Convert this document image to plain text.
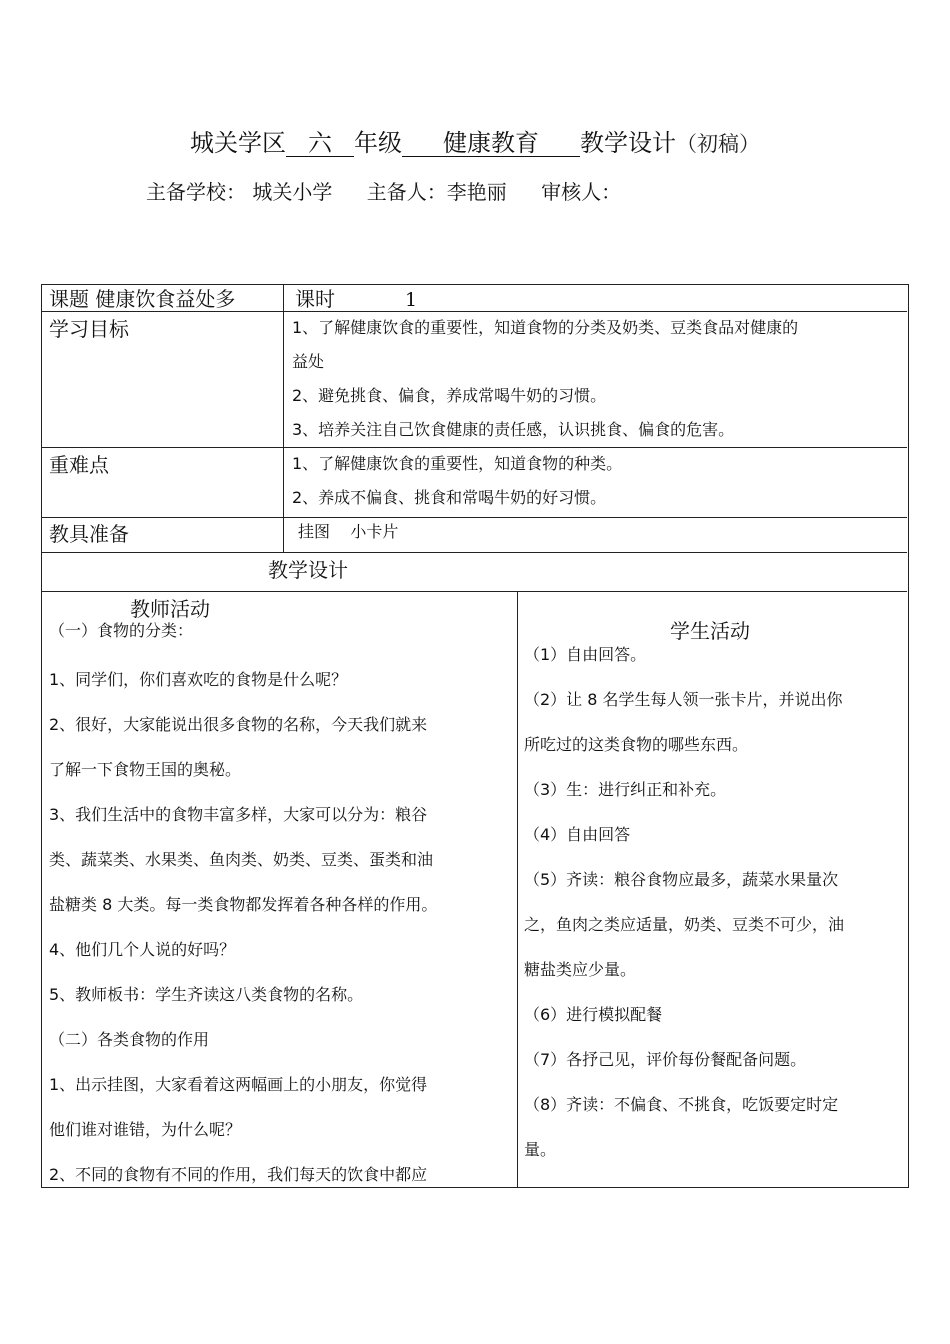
城关学区 六 年级 健康教育 教学设计（初稿）
主备学校： 城关小学 主备人：李艳丽 审核人：
课题 健康饮食益处多	课时	1
学习目标	1、了解健康饮食的重要性，知道食物的分类及奶类、豆类食品对健康的
益处
2、避免挑食、偏食，养成常喝牛奶的习惯。
3、培养关注自己饮食健康的责任感，认识挑食、偏食的危害。
重难点	1、了解健康饮食的重要性，知道食物的种类。
2、养成不偏食、挑食和常喝牛奶的好习惯。
教具准备	挂图    小卡片
教学设计
教师活动
（一）食物的分类：
1、同学们，你们喜欢吃的食物是什么呢？
2、很好，大家能说出很多食物的名称，今天我们就来
了解一下食物王国的奥秘。
3、我们生活中的食物丰富多样，大家可以分为：粮谷
类、蔬菜类、水果类、鱼肉类、奶类、豆类、蛋类和油
盐糖类 8 大类。每一类食物都发挥着各种各样的作用。
4、他们几个人说的好吗？
5、教师板书：学生齐读这八类食物的名称。
（二）各类食物的作用
1、出示挂图，大家看着这两幅画上的小朋友，你觉得
他们谁对谁错，为什么呢？
2、不同的食物有不同的作用，我们每天的饮食中都应
学生活动
（1）自由回答。
（2）让 8 名学生每人领一张卡片，并说出你
所吃过的这类食物的哪些东西。
（3）生：进行纠正和补充。
（4）自由回答
（5）齐读：粮谷食物应最多，蔬菜水果量次
之，鱼肉之类应适量，奶类、豆类不可少，油
糖盐类应少量。
（6）进行模拟配餐
（7）各抒己见，评价每份餐配备问题。
（8）齐读：不偏食、不挑食，吃饭要定时定
量。
